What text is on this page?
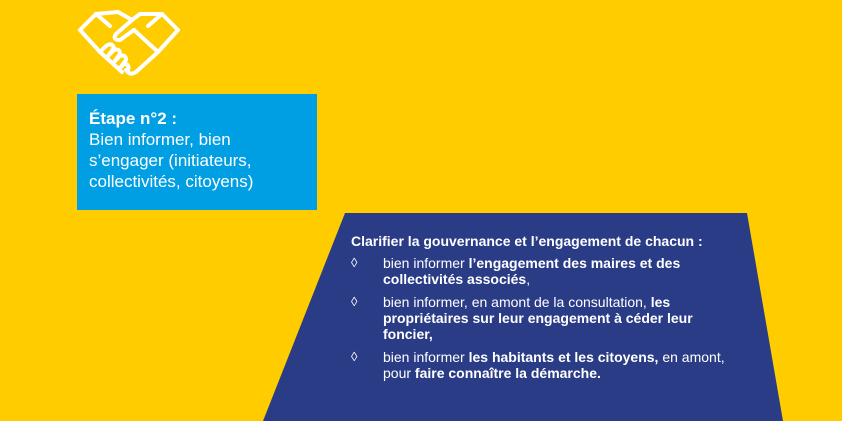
Étape n°2 :
Bien informer, bien
s’engager (initiateurs,
collectivités, citoyens)

Clarifier la gouvernance et l’engagement de chacun :

◊ bien informer l’engagement des maires et des collectivités associés,
◊ bien informer, en amont de la consultation, les propriétaires sur leur engagement à céder leur foncier,
◊ bien informer les habitants et les citoyens, en amont, pour faire connaître la démarche.
